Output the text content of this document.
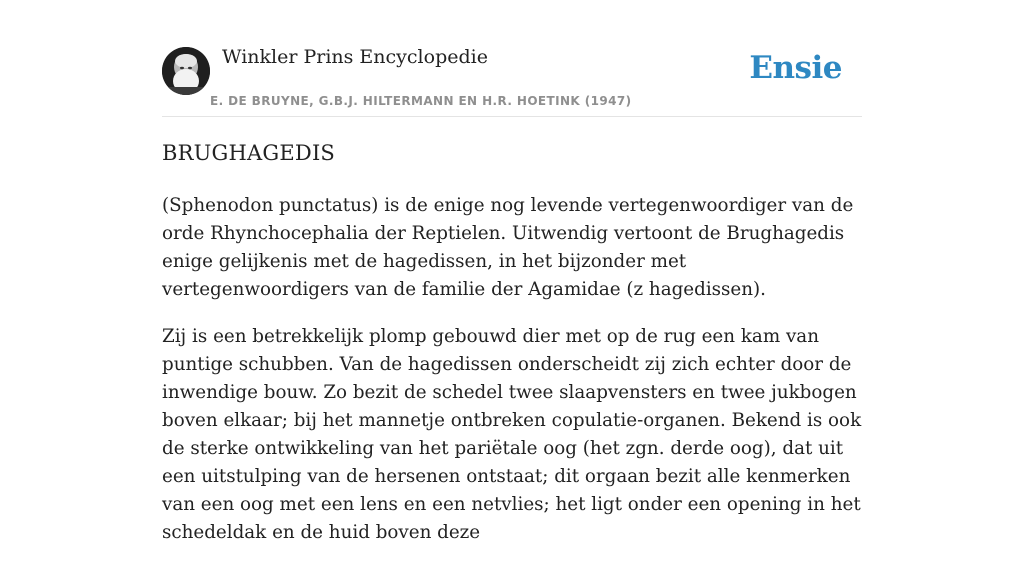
Winkler Prins Encyclopedie
E. DE BRUYNE, G.B.J. HILTERMANN EN H.R. HOETINK (1947)
Ensie
BRUGHAGEDIS

(Sphenodon punctatus) is de enige nog levende vertegenwoordiger van de orde Rhynchocephalia der Reptielen. Uitwendig vertoont de Brughagedis enige gelijkenis met de hagedissen, in het bijzonder met vertegenwoordigers van de familie der Agamidae (z hagedissen).

Zij is een betrekkelijk plomp gebouwd dier met op de rug een kam van puntige schubben. Van de hagedissen onderscheidt zij zich echter door de inwendige bouw. Zo bezit de schedel twee slaapvensters en twee jukbogen boven elkaar; bij het mannetje ontbreken copulatie-organen. Bekend is ook de sterke ontwikkeling van het pariëtale oog (het zgn. derde oog), dat uit een uitstulping van de hersenen ontstaat; dit orgaan bezit alle kenmerken van een oog met een lens en een netvlies; het ligt onder een opening in het schedeldak en de huid boven deze
